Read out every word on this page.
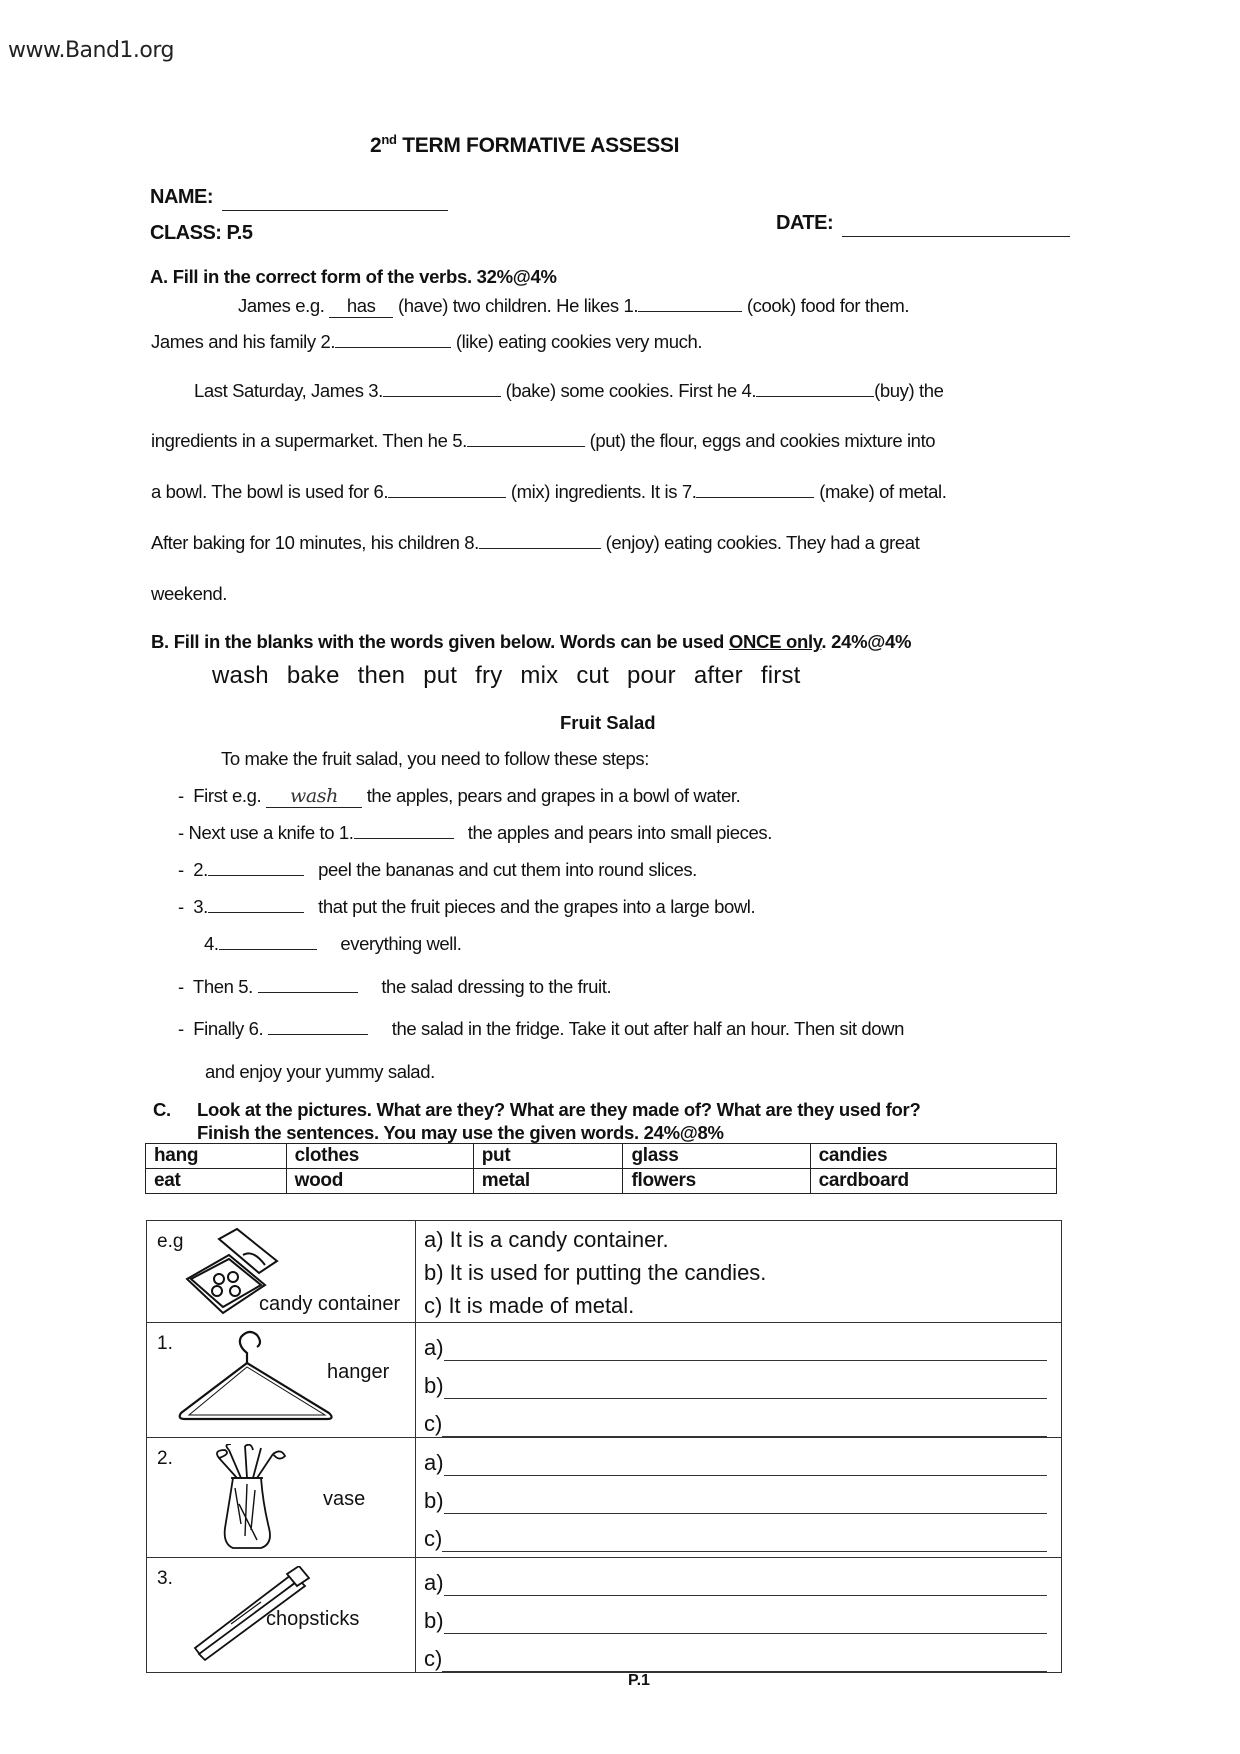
www.Band1.org
2nd TERM FORMATIVE ASSESSI
NAME:
CLASS: P.5	DATE:
A. Fill in the correct form of the verbs. 32%@4%
James e.g. has (have) two children. He likes 1.	(cook) food for them.
James and his family 2.	(like) eating cookies very much.
Last Saturday, James 3.	(bake) some cookies. First he 4.	(buy) the
ingredients in a supermarket. Then he 5.	(put) the flour, eggs and cookies mixture into
a bowl. The bowl is used for 6.	(mix) ingredients. It is 7.	(make) of metal.
After baking for 10 minutes, his children 8.	(enjoy) eating cookies. They had a great
weekend.
B. Fill in the blanks with the words given below. Words can be used ONCE only. 24%@4%
wash bake then put fry mix cut pour after first
Fruit Salad
To make the fruit salad, you need to follow these steps:
- First e.g. wash the apples, pears and grapes in a bowl of water.
- Next use a knife to 1.	the apples and pears into small pieces.
- 2.	peel the bananas and cut them into round slices.
- 3.	that put the fruit pieces and the grapes into a large bowl.
4.	everything well.
- Then 5.	the salad dressing to the fruit.
- Finally 6.	the salad in the fridge. Take it out after half an hour. Then sit down
and enjoy your yummy salad.
C. Look at the pictures. What are they? What are they made of? What are they used for?
Finish the sentences. You may use the given words. 24%@8%
hang	clothes	put	glass	candies
eat	wood	metal	flowers	cardboard
e.g
candy container

a) It is a candy container.
b) It is used for putting the candies.
c) It is made of metal.

1.
hanger

a)
b)
c)

2.
vase

a)
b)
c)

3.
chopsticks

a)
b)
c)
P.1
